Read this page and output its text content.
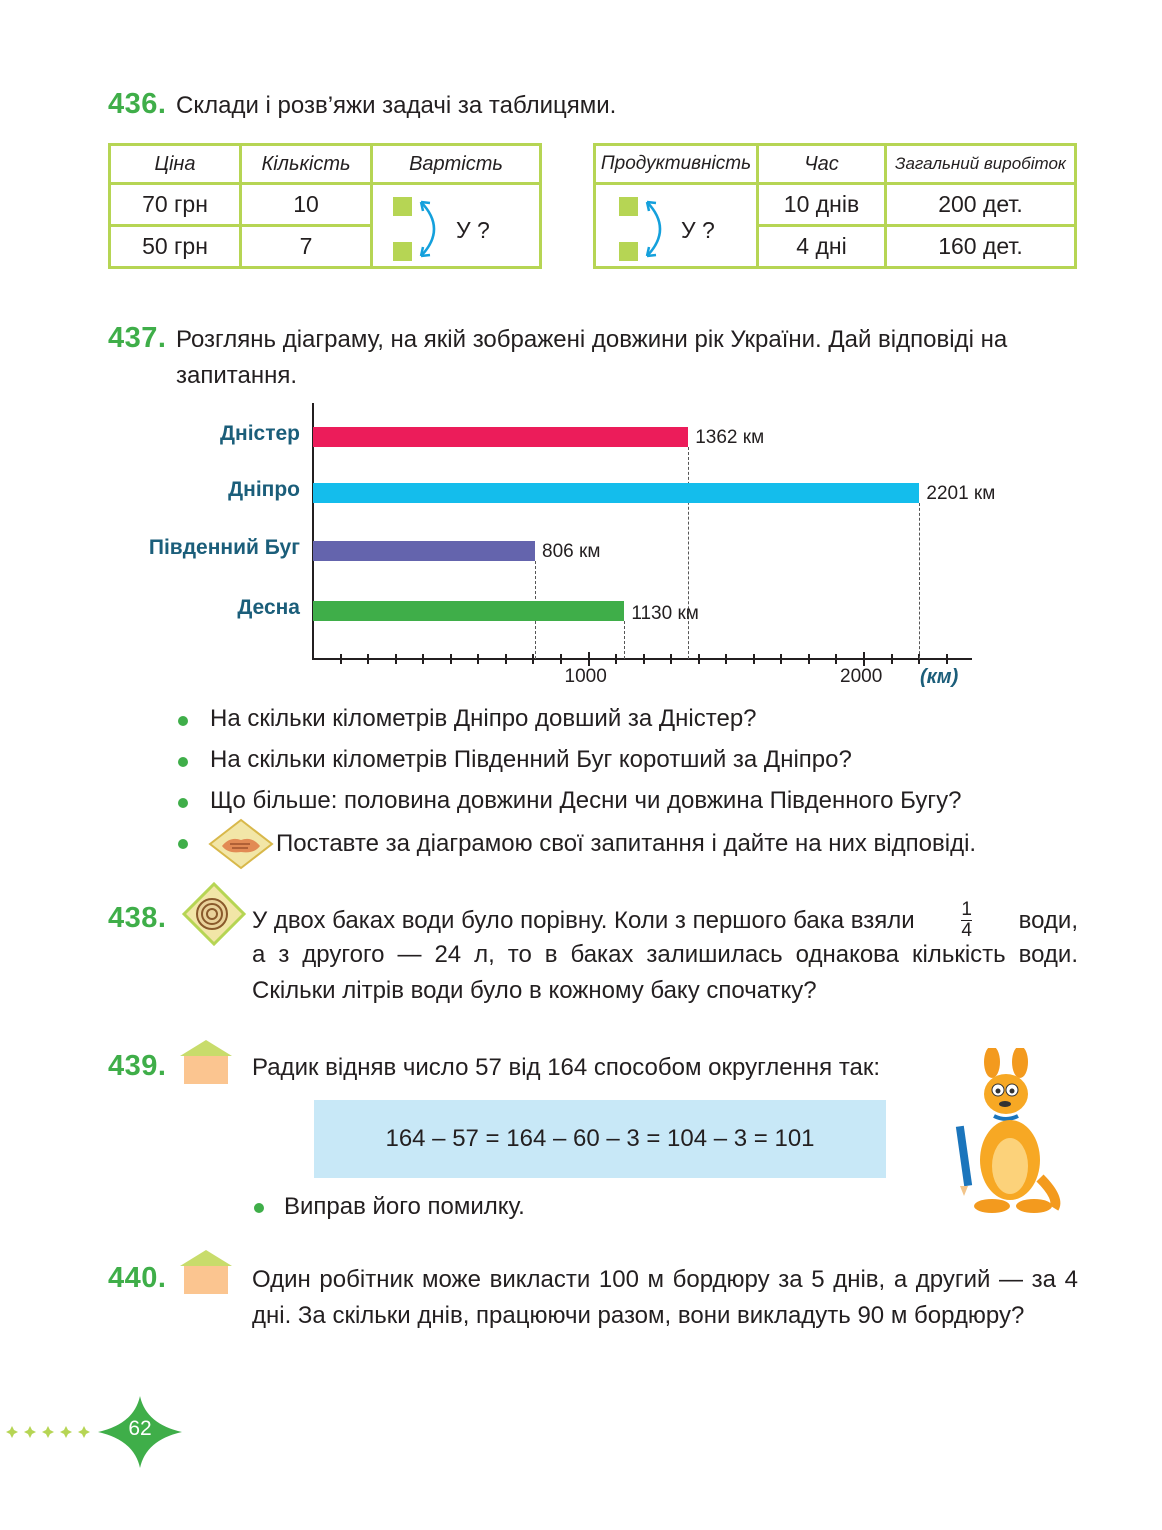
436. Склади і розв’яжи задачі за таблицями.
Ціна	Кількість	Вартість
70 грн	10	
50 грн	7	
У ?
Продуктивність	Час	Загальний виробіток
	10 днів	200 дет.
	4 дні	160 дет.
У ?
437. Розглянь діаграму, на якій зображені довжини рік України. Дай відповіді на запитання.
1000	2000
Дністер
Дніпро
Південний Буг
Десна
1362 км
2201 км
806 км
1130 км
(км)
На скільки кілометрів Дніпро довший за Дністер?
На скільки кілометрів Південний Буг коротший за Дніпро?
Що більше: половина довжини Десни чи довжина Південного Бугу?
Поставте за діаграмою свої запитання і дайте на них відповіді.
438.	У двох баках води було порівну. Коли з першого бака взяли $\frac{1}{4}$ води,
а з другого — 24 л, то в баках залишилась однакова кількість води. Скільки літрів води було в кожному баку спочатку?
439.	Радик відняв число 57 від 164 способом округлення так:
164 – 57 = 164 – 60 – 3 = 104 – 3 = 101
Виправ його помилку.
440.	Один робітник може викласти 100 м бордюру за 5 днів, а другий — за 4 дні. За скільки днів, працюючи разом, вони викладуть 90 м бордюру?
62
